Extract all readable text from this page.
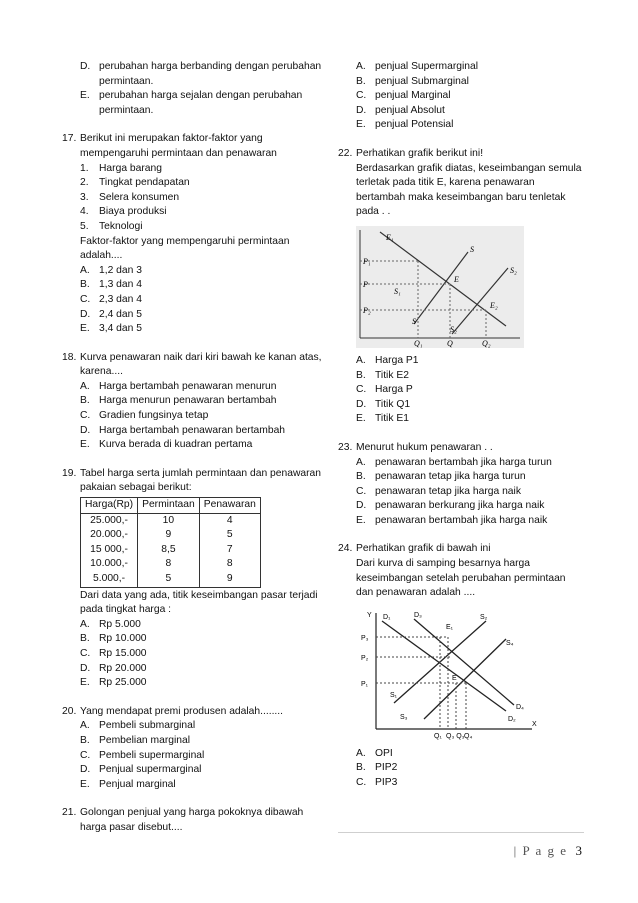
D. perubahan harga berbanding dengan perubahan permintaan.
E. perubahan harga sejalan dengan perubahan permintaan.
17. Berikut ini merupakan faktor-faktor yang mempengaruhi permintaan dan penawaran
1. Harga barang
2. Tingkat pendapatan
3. Selera konsumen
4. Biaya produksi
5. Teknologi
Faktor-faktor yang mempengaruhi permintaan adalah....
A. 1,2 dan 3
B. 1,3 dan 4
C. 2,3 dan 4
D. 2,4 dan 5
E. 3,4 dan 5
18. Kurva penawaran naik dari kiri bawah ke kanan atas, karena....
A. Harga bertambah penawaran menurun
B. Harga menurun penawaran bertambah
C. Gradien fungsinya tetap
D. Harga bertambah penawaran bertambah
E. Kurva berada di kuadran pertama
19. Tabel harga serta jumlah permintaan dan penawaran pakaian sebagai berikut:
Harga(Rp)	Permintaan	Penawaran
25.000,-	10	4
20.000,-	9	5
15 000,-	8,5	7
10.000,-	8	8
5.000,-	5	9
Dari data yang ada, titik keseimbangan pasar terjadi pada tingkat harga :
A. Rp 5.000
B. Rp 10.000
C. Rp 15.000
D. Rp 20.000
E. Rp 25.000
20. Yang mendapat premi produsen adalah........
A. Pembeli submarginal
B. Pembelian marginal
C. Pembeli supermarginal
D. Penjual supermarginal
E. Penjual marginal
21. Golongan penjual yang harga pokoknya dibawah harga pasar disebut....
A. penjual Supermarginal
B. penjual Submarginal
C. penjual Marginal
D. penjual Absolut
E. penjual Potensial
22. Perhatikan grafik berikut ini!
Berdasarkan grafik diatas, keseimbangan semula terletak pada titik E, karena penawaran bertambah maka keseimbangan baru tenletak pada . .
E₁
S
S₂
P₁
P
P₂
S₁
E
E₂
S
S₂
Q₁	Q	Q₂
A. Harga P1
B. Titik E2
C. Harga P
D. Titik Q1
E. Titik E1
23. Menurut hukum penawaran . .
A. penawaran bertambah jika harga turun
B. penawaran tetap jika harga turun
C. penawaran tetap jika harga naik
D. penawaran berkurang jika harga naik
E. penawaran bertambah jika harga naik
24. Perhatikan grafik di bawah ini
Dari kurva di samping besarnya harga keseimbangan setelah perubahan permintaan dan penawaran adalah ....
Y D₁	D₃	S₂
E₁
S₄
P₃
P₂
P₁
E
S₁
D₄
S₃	D₂
Q₁ Q₃ Q₃ Q₄
X
A. OPI
B. PIP2
C. PIP3
| P a g e 3
